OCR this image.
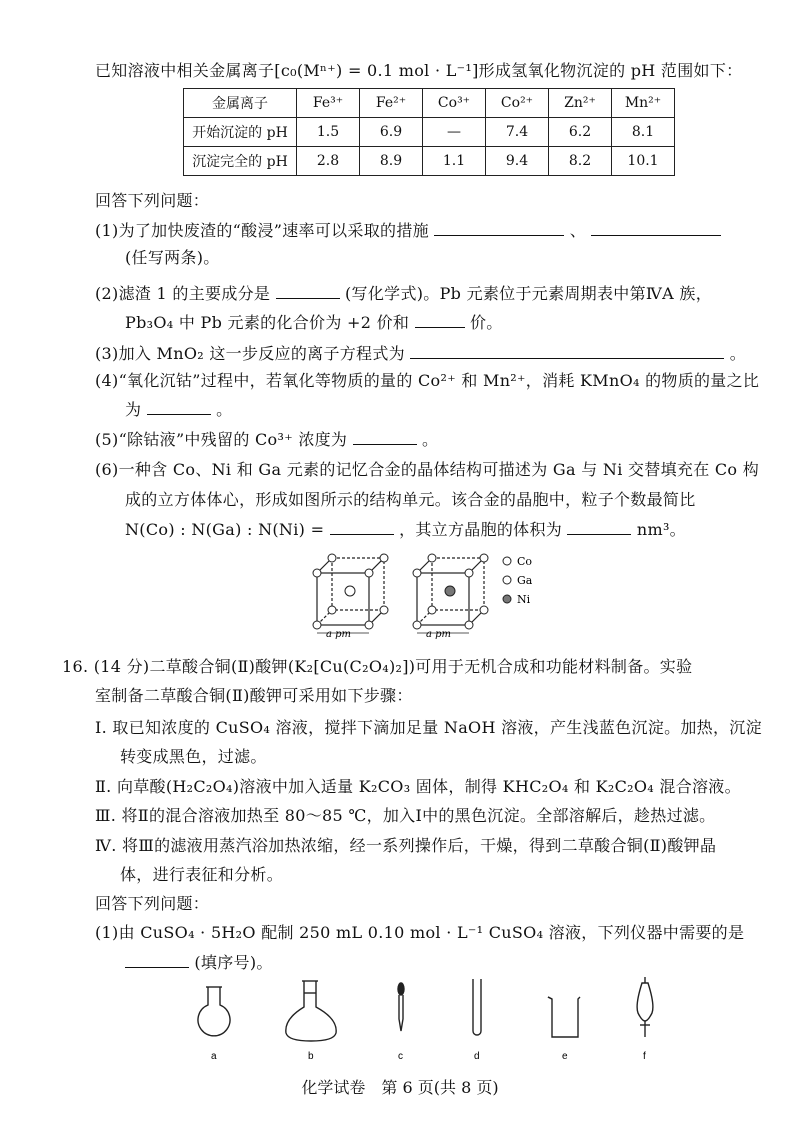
已知溶液中相关金属离子[c₀(Mⁿ⁺) = 0.1 mol · L⁻¹]形成氢氧化物沉淀的 pH 范围如下：
金属离子	Fe³⁺	Fe²⁺	Co³⁺	Co²⁺	Zn²⁺	Mn²⁺
开始沉淀的 pH	1.5	6.9	—	7.4	6.2	8.1
沉淀完全的 pH	2.8	8.9	1.1	9.4	8.2	10.1
回答下列问题：
(1)为了加快废渣的“酸浸”速率可以采取的措施	、
(任写两条)。
(2)滤渣 1 的主要成分是	(写化学式)。Pb 元素位于元素周期表中第ⅣA 族，
Pb₃O₄ 中 Pb 元素的化合价为 +2 价和	价。
(3)加入 MnO₂ 这一步反应的离子方程式为	。
(4)“氧化沉钴”过程中，若氧化等物质的量的 Co²⁺ 和 Mn²⁺，消耗 KMnO₄ 的物质的量之比
为	。
(5)“除钴液”中残留的 Co³⁺ 浓度为	。
(6)一种含 Co、Ni 和 Ga 元素的记忆合金的晶体结构可描述为 Ga 与 Ni 交替填充在 Co 构
成的立方体体心，形成如图所示的结构单元。该合金的晶胞中，粒子个数最简比
N(Co) : N(Ga) : N(Ni) =	，其立方晶胞的体积为	nm³。
a pm	a pm
Co
Ga
Ni
16. (14 分)二草酸合铜(Ⅱ)酸钾(K₂[Cu(C₂O₄)₂])可用于无机合成和功能材料制备。实验
室制备二草酸合铜(Ⅱ)酸钾可采用如下步骤：
Ⅰ. 取已知浓度的 CuSO₄ 溶液，搅拌下滴加足量 NaOH 溶液，产生浅蓝色沉淀。加热，沉淀
转变成黑色，过滤。
Ⅱ. 向草酸(H₂C₂O₄)溶液中加入适量 K₂CO₃ 固体，制得 KHC₂O₄ 和 K₂C₂O₄ 混合溶液。
Ⅲ. 将Ⅱ的混合溶液加热至 80～85 ℃，加入Ⅰ中的黑色沉淀。全部溶解后，趁热过滤。
Ⅳ. 将Ⅲ的滤液用蒸汽浴加热浓缩，经一系列操作后，干燥，得到二草酸合铜(Ⅱ)酸钾晶
体，进行表征和分析。
回答下列问题：
(1)由 CuSO₄ · 5H₂O 配制 250 mL 0.10 mol · L⁻¹ CuSO₄ 溶液，下列仪器中需要的是
(填序号)。
a	b	c	d	e	f
化学试卷　第 6 页(共 8 页)
